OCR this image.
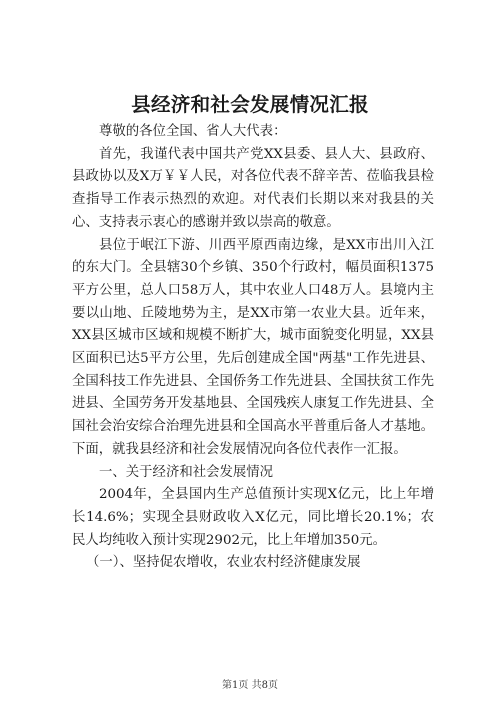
县经济和社会发展情况汇报

尊敬的各位全国、省人大代表：

首先，我谨代表中国共产党XX县委、县人大、县政府、县政协以及X万￥￥人民，对各位代表不辞辛苦、莅临我县检查指导工作表示热烈的欢迎。对代表们长期以来对我县的关心、支持表示衷心的感谢并致以崇高的敬意。

县位于岷江下游、川西平原西南边缘，是XX市出川入江的东大门。全县辖30个乡镇、350个行政村，幅员面积1375平方公里，总人口58万人，其中农业人口48万人。县境内主要以山地、丘陵地势为主，是XX市第一农业大县。近年来，XX县区城市区域和规模不断扩大，城市面貌变化明显，XX县区面积已达5平方公里，先后创建成全国"两基"工作先进县、全国科技工作先进县、全国侨务工作先进县、全国扶贫工作先进县、全国劳务开发基地县、全国残疾人康复工作先进县、全国社会治安综合治理先进县和全国高水平普重后备人才基地。下面，就我县经济和社会发展情况向各位代表作一汇报。

一、关于经济和社会发展情况

2004年，全县国内生产总值预计实现X亿元，比上年增长14.6%；实现全县财政收入X亿元，同比增长20.1%；农民人均纯收入预计实现2902元，比上年增加350元。

（一）、坚持促农增收，农业农村经济健康发展

第1页 共8页
